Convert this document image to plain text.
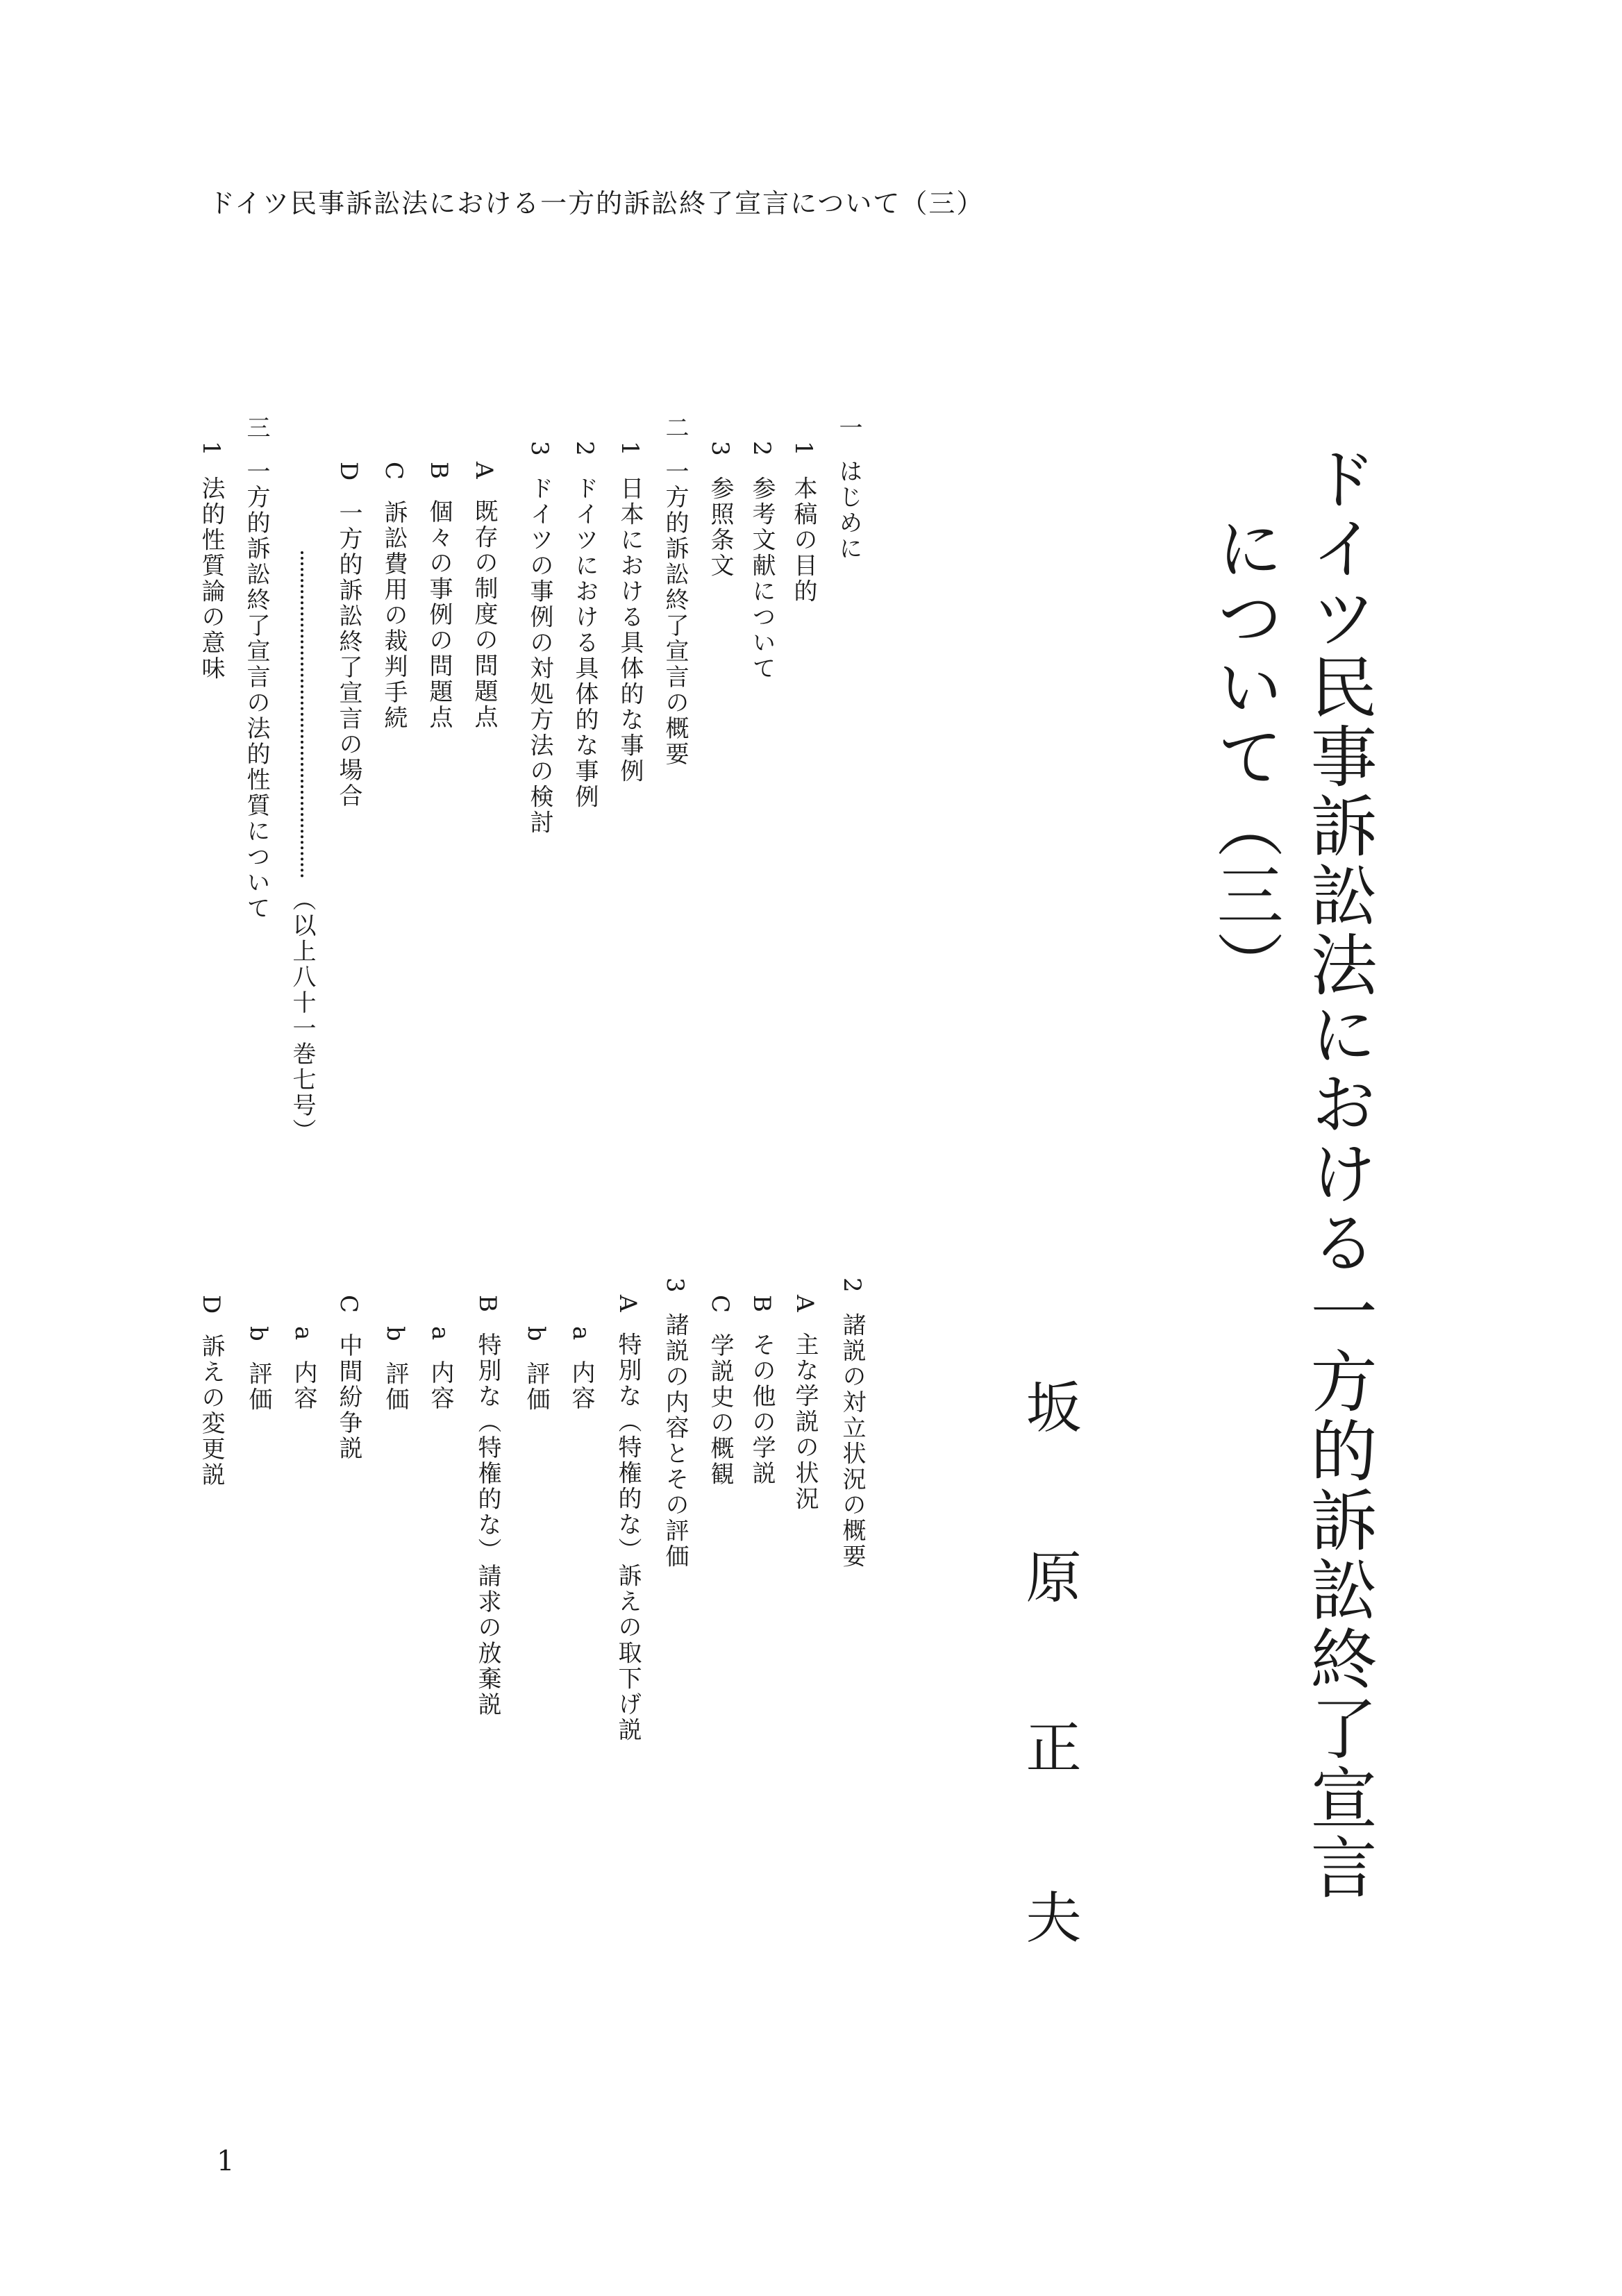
ドイツ民事訴訟法における一方的訴訟終了宣言について（三）
ドイツ民事訴訟法における一方的訴訟終了宣言
について（三）
坂原正夫
一はじめに
1本稿の目的
2参考文献について
3参照条文
二一方的訴訟終了宣言の概要
1日本における具体的な事例
2ドイツにおける具体的な事例
3ドイツの事例の対処方法の検討
A既存の制度の問題点
B個々の事例の問題点
C訴訟費用の裁判手続
D一方的訴訟終了宣言の場合
（以上八十一巻七号）
三一方的訴訟終了宣言の法的性質について
1法的性質論の意味
2諸説の対立状況の概要
A主な学説の状況
Bその他の学説
C学説史の概観
3諸説の内容とその評価
A特別な（特権的な）訴えの取下げ説
a内容
b評価
B特別な（特権的な）請求の放棄説
a内容
b評価
C中間紛争説
a内容
b評価
D訴えの変更説
1
